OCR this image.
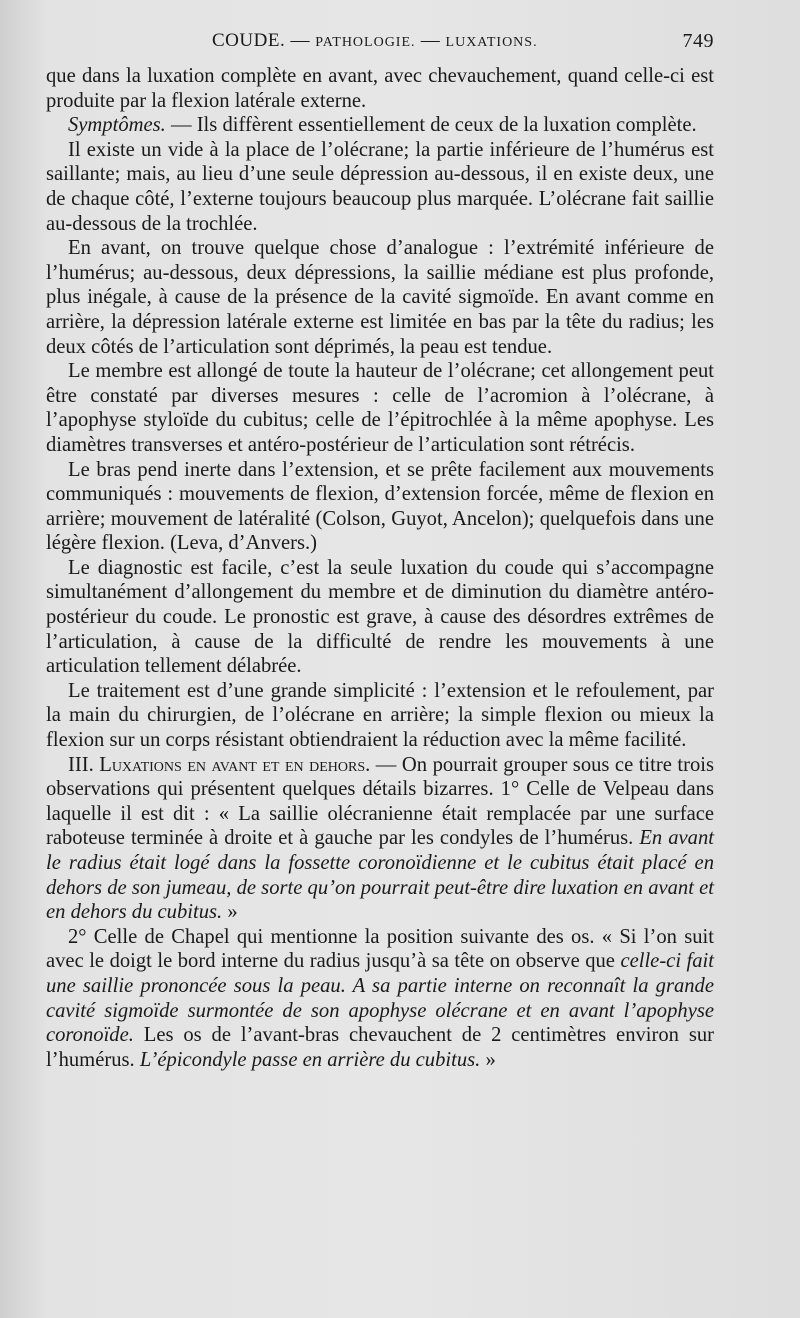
COUDE. — PATHOLOGIE. — LUXATIONS.	749

que dans la luxation complète en avant, avec chevauchement, quand celle-ci est produite par la flexion latérale externe.

Symptômes. — Ils diffèrent essentiellement de ceux de la luxation complète.

Il existe un vide à la place de l’olécrane; la partie inférieure de l’humérus est saillante; mais, au lieu d’une seule dépression au-dessous, il en existe deux, une de chaque côté, l’externe toujours beaucoup plus marquée. L’olécrane fait saillie au-dessous de la trochlée.

En avant, on trouve quelque chose d’analogue : l’extrémité inférieure de l’humérus; au-dessous, deux dépressions, la saillie médiane est plus profonde, plus inégale, à cause de la présence de la cavité sigmoïde. En avant comme en arrière, la dépression latérale externe est limitée en bas par la tête du radius; les deux côtés de l’articulation sont déprimés, la peau est tendue.

Le membre est allongé de toute la hauteur de l’olécrane; cet allongement peut être constaté par diverses mesures : celle de l’acromion à l’olécrane, à l’apophyse styloïde du cubitus; celle de l’épitrochlée à la même apophyse. Les diamètres transverses et antéro-postérieur de l’articulation sont rétrécis.

Le bras pend inerte dans l’extension, et se prête facilement aux mouvements communiqués : mouvements de flexion, d’extension forcée, même de flexion en arrière; mouvement de latéralité (Colson, Guyot, Ancelon); quelquefois dans une légère flexion. (Leva, d’Anvers.)

Le diagnostic est facile, c’est la seule luxation du coude qui s’accompagne simultanément d’allongement du membre et de diminution du diamètre antéro-postérieur du coude. Le pronostic est grave, à cause des désordres extrêmes de l’articulation, à cause de la difficulté de rendre les mouvements à une articulation tellement délabrée.

Le traitement est d’une grande simplicité : l’extension et le refoulement, par la main du chirurgien, de l’olécrane en arrière; la simple flexion ou mieux la flexion sur un corps résistant obtiendraient la réduction avec la même facilité.

III. Luxations en avant et en dehors. — On pourrait grouper sous ce titre trois observations qui présentent quelques détails bizarres. 1° Celle de Velpeau dans laquelle il est dit : « La saillie olécranienne était remplacée par une surface raboteuse terminée à droite et à gauche par les condyles de l’humérus. En avant le radius était logé dans la fossette coronoïdienne et le cubitus était placé en dehors de son jumeau, de sorte qu’on pourrait peut-être dire luxation en avant et en dehors du cubitus. »

2° Celle de Chapel qui mentionne la position suivante des os. « Si l’on suit avec le doigt le bord interne du radius jusqu’à sa tête on observe que celle-ci fait une saillie prononcée sous la peau. A sa partie interne on reconnaît la grande cavité sigmoïde surmontée de son apophyse olécrane et en avant l’apophyse coronoïde. Les os de l’avant-bras chevauchent de 2 centimètres environ sur l’humérus. L’épicondyle passe en arrière du cubitus. »
